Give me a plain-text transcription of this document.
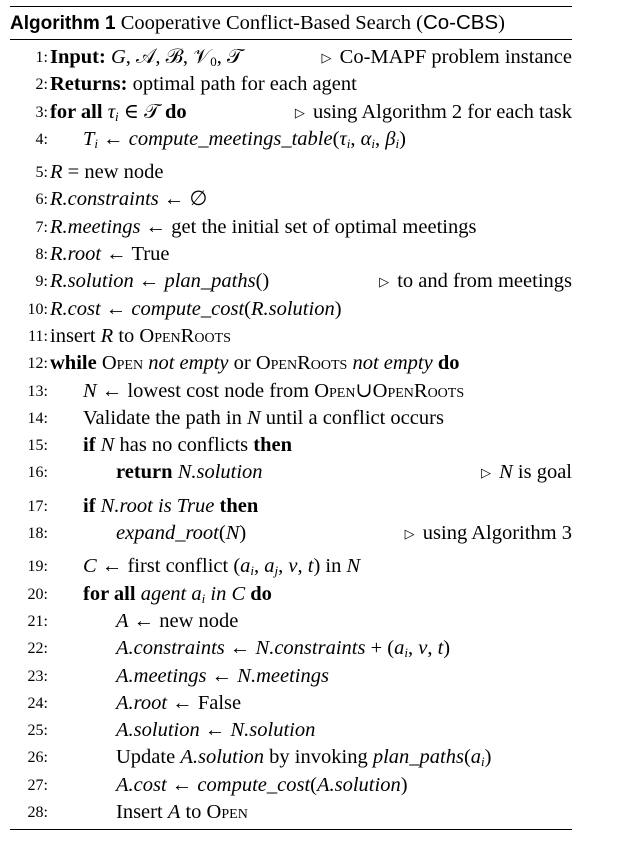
Algorithm 1 Cooperative Conflict-Based Search (Co-CBS)
1: Input: G, 𝒜, ℬ, 𝒱$_0$, 𝒯	▷ Co-MAPF problem instance
2: Returns: optimal path for each agent
3: for all $\tau_i$ ∈ 𝒯 do	▷ using Algorithm 2 for each task
4:	$T_i$ ← $compute\_meetings\_table(\tau_i$, $\alpha_i$, $\beta_i$)
5: R = new node
6: R.constraints ← ∅
7: R.meetings ← get the initial set of optimal meetings
8: R.root ← True
9: R.solution ← plan_paths()	▷ to and from meetings
10: R.cost ← compute_cost(R.solution)
11: insert R to OpenRoots
12: while Open not empty or OpenRoots not empty do
13:	N ← lowest cost node from Open∪OpenRoots
14:	Validate the path in N until a conflict occurs
15:	if N has no conflicts then
16:	return N.solution	▷ N is goal
17:	if N.root is True then
18:	expand_root(N)	▷ using Algorithm 3
19:	C ← first conflict ($a_i$, $a_j$, v, t) in N
20:	for all agent $a_i$ in C do
21:	A ← new node
22:	A.constraints ← N.constraints + ($a_i$, v, t)
23:	A.meetings ← N.meetings
24:	A.root ← False
25:	A.solution ← N.solution
26:	Update A.solution by invoking $plan\_paths(a_i)$
27:	A.cost ← compute_cost(A.solution)
28:	Insert A to Open
